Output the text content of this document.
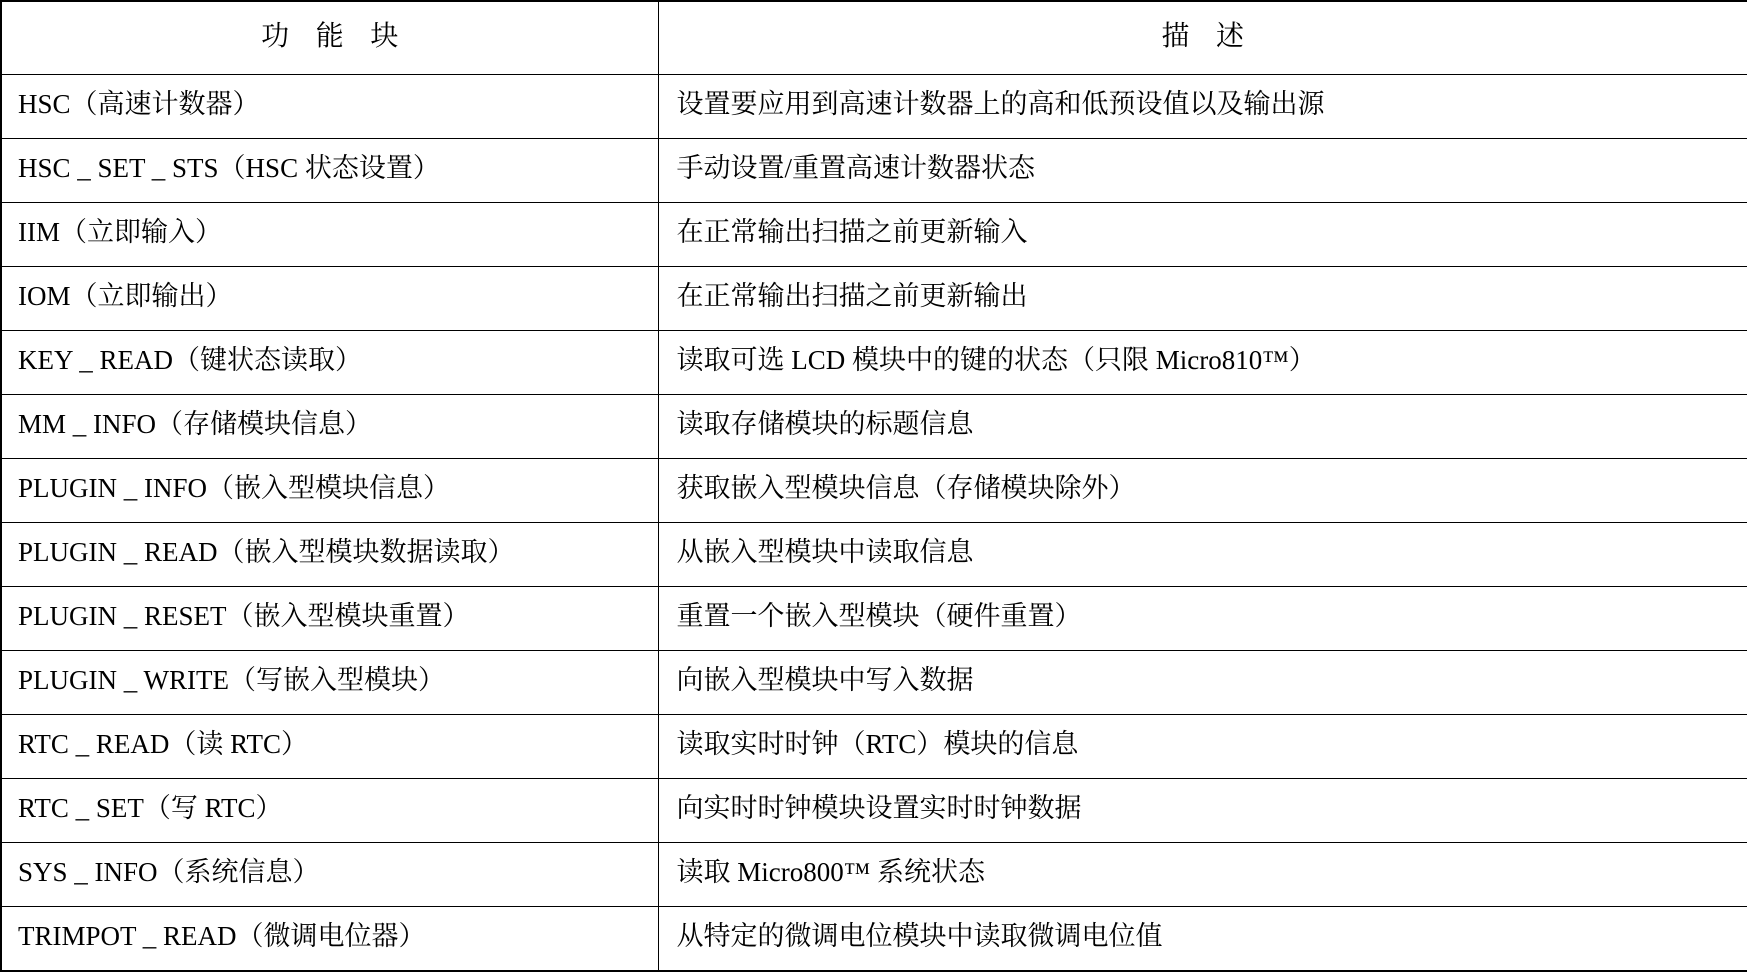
功 能 块	描 述
HSC（高速计数器）	设置要应用到高速计数器上的高和低预设值以及输出源
HSC _ SET _ STS（HSC 状态设置）	手动设置/重置高速计数器状态
IIM（立即输入）	在正常输出扫描之前更新输入
IOM（立即输出）	在正常输出扫描之前更新输出
KEY _ READ（键状态读取）	读取可选 LCD 模块中的键的状态（只限 Micro810™）
MM _ INFO（存储模块信息）	读取存储模块的标题信息
PLUGIN _ INFO（嵌入型模块信息）	获取嵌入型模块信息（存储模块除外）
PLUGIN _ READ（嵌入型模块数据读取）	从嵌入型模块中读取信息
PLUGIN _ RESET（嵌入型模块重置）	重置一个嵌入型模块（硬件重置）
PLUGIN _ WRITE（写嵌入型模块）	向嵌入型模块中写入数据
RTC _ READ（读 RTC）	读取实时时钟（RTC）模块的信息
RTC _ SET（写 RTC）	向实时时钟模块设置实时时钟数据
SYS _ INFO（系统信息）	读取 Micro800™ 系统状态
TRIMPOT _ READ（微调电位器）	从特定的微调电位模块中读取微调电位值
